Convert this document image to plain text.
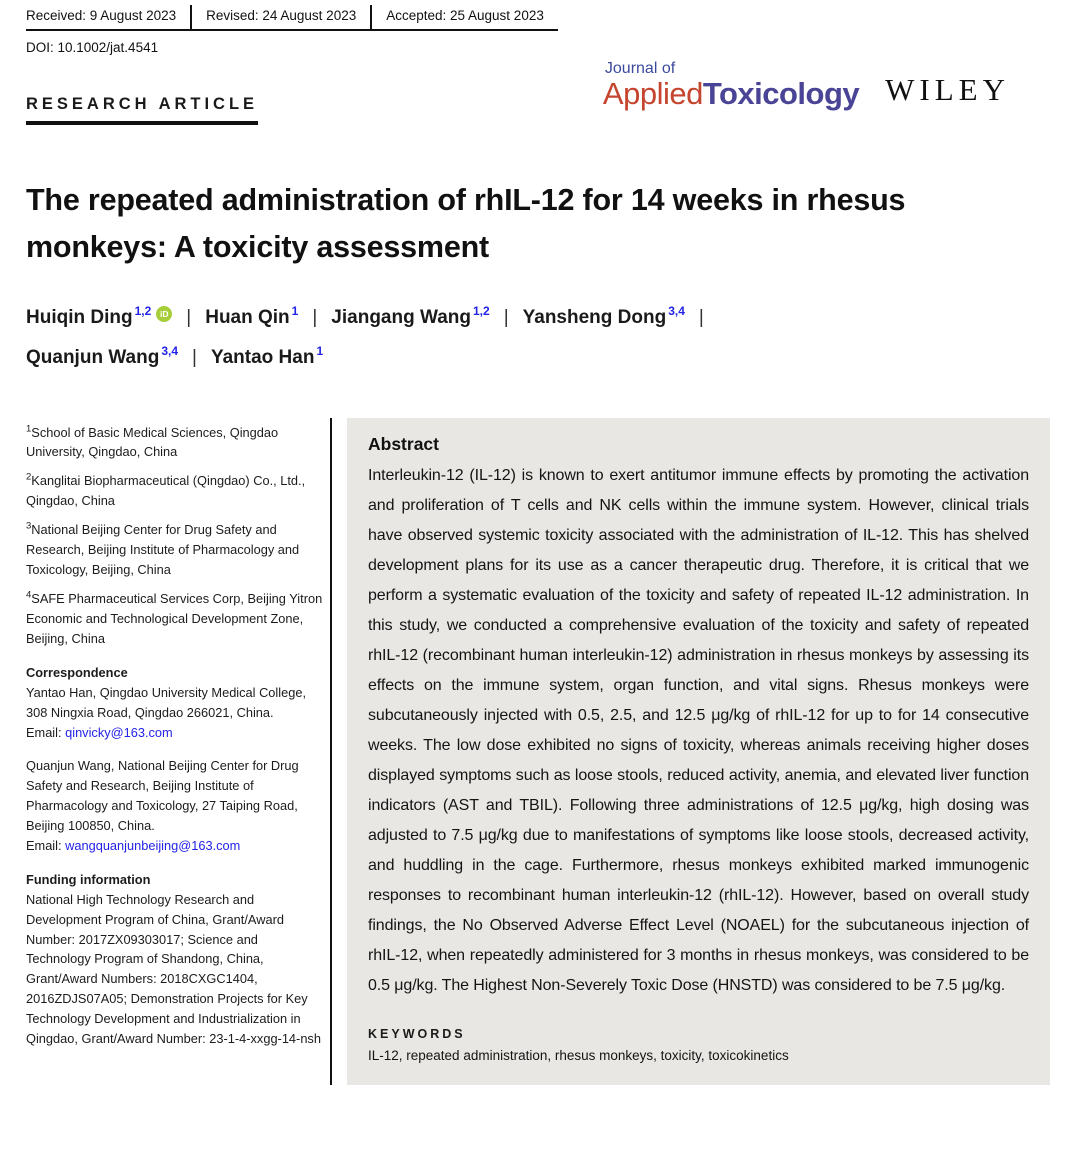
Received: 9 August 2023	Revised: 24 August 2023	Accepted: 25 August 2023
DOI: 10.1002/jat.4541
RESEARCH ARTICLE
Journal of
AppliedToxicology WILEY
The repeated administration of rhIL-12 for 14 weeks in rhesus monkeys: A toxicity assessment
Huiqin Ding $^{1,2}$ iD | Huan Qin $^1$ | Jiangang Wang $^{1,2}$ | Yansheng Dong $^{3,4}$ |Quanjun Wang $^{3,4}$ | Yantao Han $^1$
$^1$School of Basic Medical Sciences, Qingdao University, Qingdao, China
$^2$Kanglitai Biopharmaceutical (Qingdao) Co., Ltd., Qingdao, China
$^3$National Beijing Center for Drug Safety and Research, Beijing Institute of Pharmacology and Toxicology, Beijing, China
$^4$SAFE Pharmaceutical Services Corp, Beijing Yitron Economic and Technological Development Zone, Beijing, China
Correspondence
Yantao Han, Qingdao University Medical College, 308 Ningxia Road, Qingdao 266021, China.
Email: qinvicky@163.com
Quanjun Wang, National Beijing Center for Drug Safety and Research, Beijing Institute of Pharmacology and Toxicology, 27 Taiping Road, Beijing 100850, China.
Email: wangquanjunbeijing@163.com
Funding information
National High Technology Research and Development Program of China, Grant/Award Number: 2017ZX09303017; Science and Technology Program of Shandong, China, Grant/Award Numbers: 2018CXGC1404, 2016ZDJS07A05; Demonstration Projects for Key Technology Development and Industrialization in Qingdao, Grant/Award Number: 23-1-4-xxgg-14-nsh
Abstract
Interleukin-12 (IL-12) is known to exert antitumor immune effects by promoting the activation and proliferation of T cells and NK cells within the immune system. However, clinical trials have observed systemic toxicity associated with the administration of IL-12. This has shelved development plans for its use as a cancer therapeutic drug. Therefore, it is critical that we perform a systematic evaluation of the toxicity and safety of repeated IL-12 administration. In this study, we conducted a comprehensive evaluation of the toxicity and safety of repeated rhIL-12 (recombinant human interleukin-12) administration in rhesus monkeys by assessing its effects on the immune system, organ function, and vital signs. Rhesus monkeys were subcutaneously injected with 0.5, 2.5, and 12.5 μg/kg of rhIL-12 for up to for 14 consecutive weeks. The low dose exhibited no signs of toxicity, whereas animals receiving higher doses displayed symptoms such as loose stools, reduced activity, anemia, and elevated liver function indicators (AST and TBIL). Following three administrations of 12.5 μg/kg, high dosing was adjusted to 7.5 μg/kg due to manifestations of symptoms like loose stools, decreased activity, and huddling in the cage. Furthermore, rhesus monkeys exhibited marked immunogenic responses to recombinant human interleukin-12 (rhIL-12). However, based on overall study findings, the No Observed Adverse Effect Level (NOAEL) for the subcutaneous injection of rhIL-12, when repeatedly administered for 3 months in rhesus monkeys, was considered to be 0.5 μg/kg. The Highest Non-Severely Toxic Dose (HNSTD) was considered to be 7.5 μg/kg.
KEYWORDS
IL-12, repeated administration, rhesus monkeys, toxicity, toxicokinetics
